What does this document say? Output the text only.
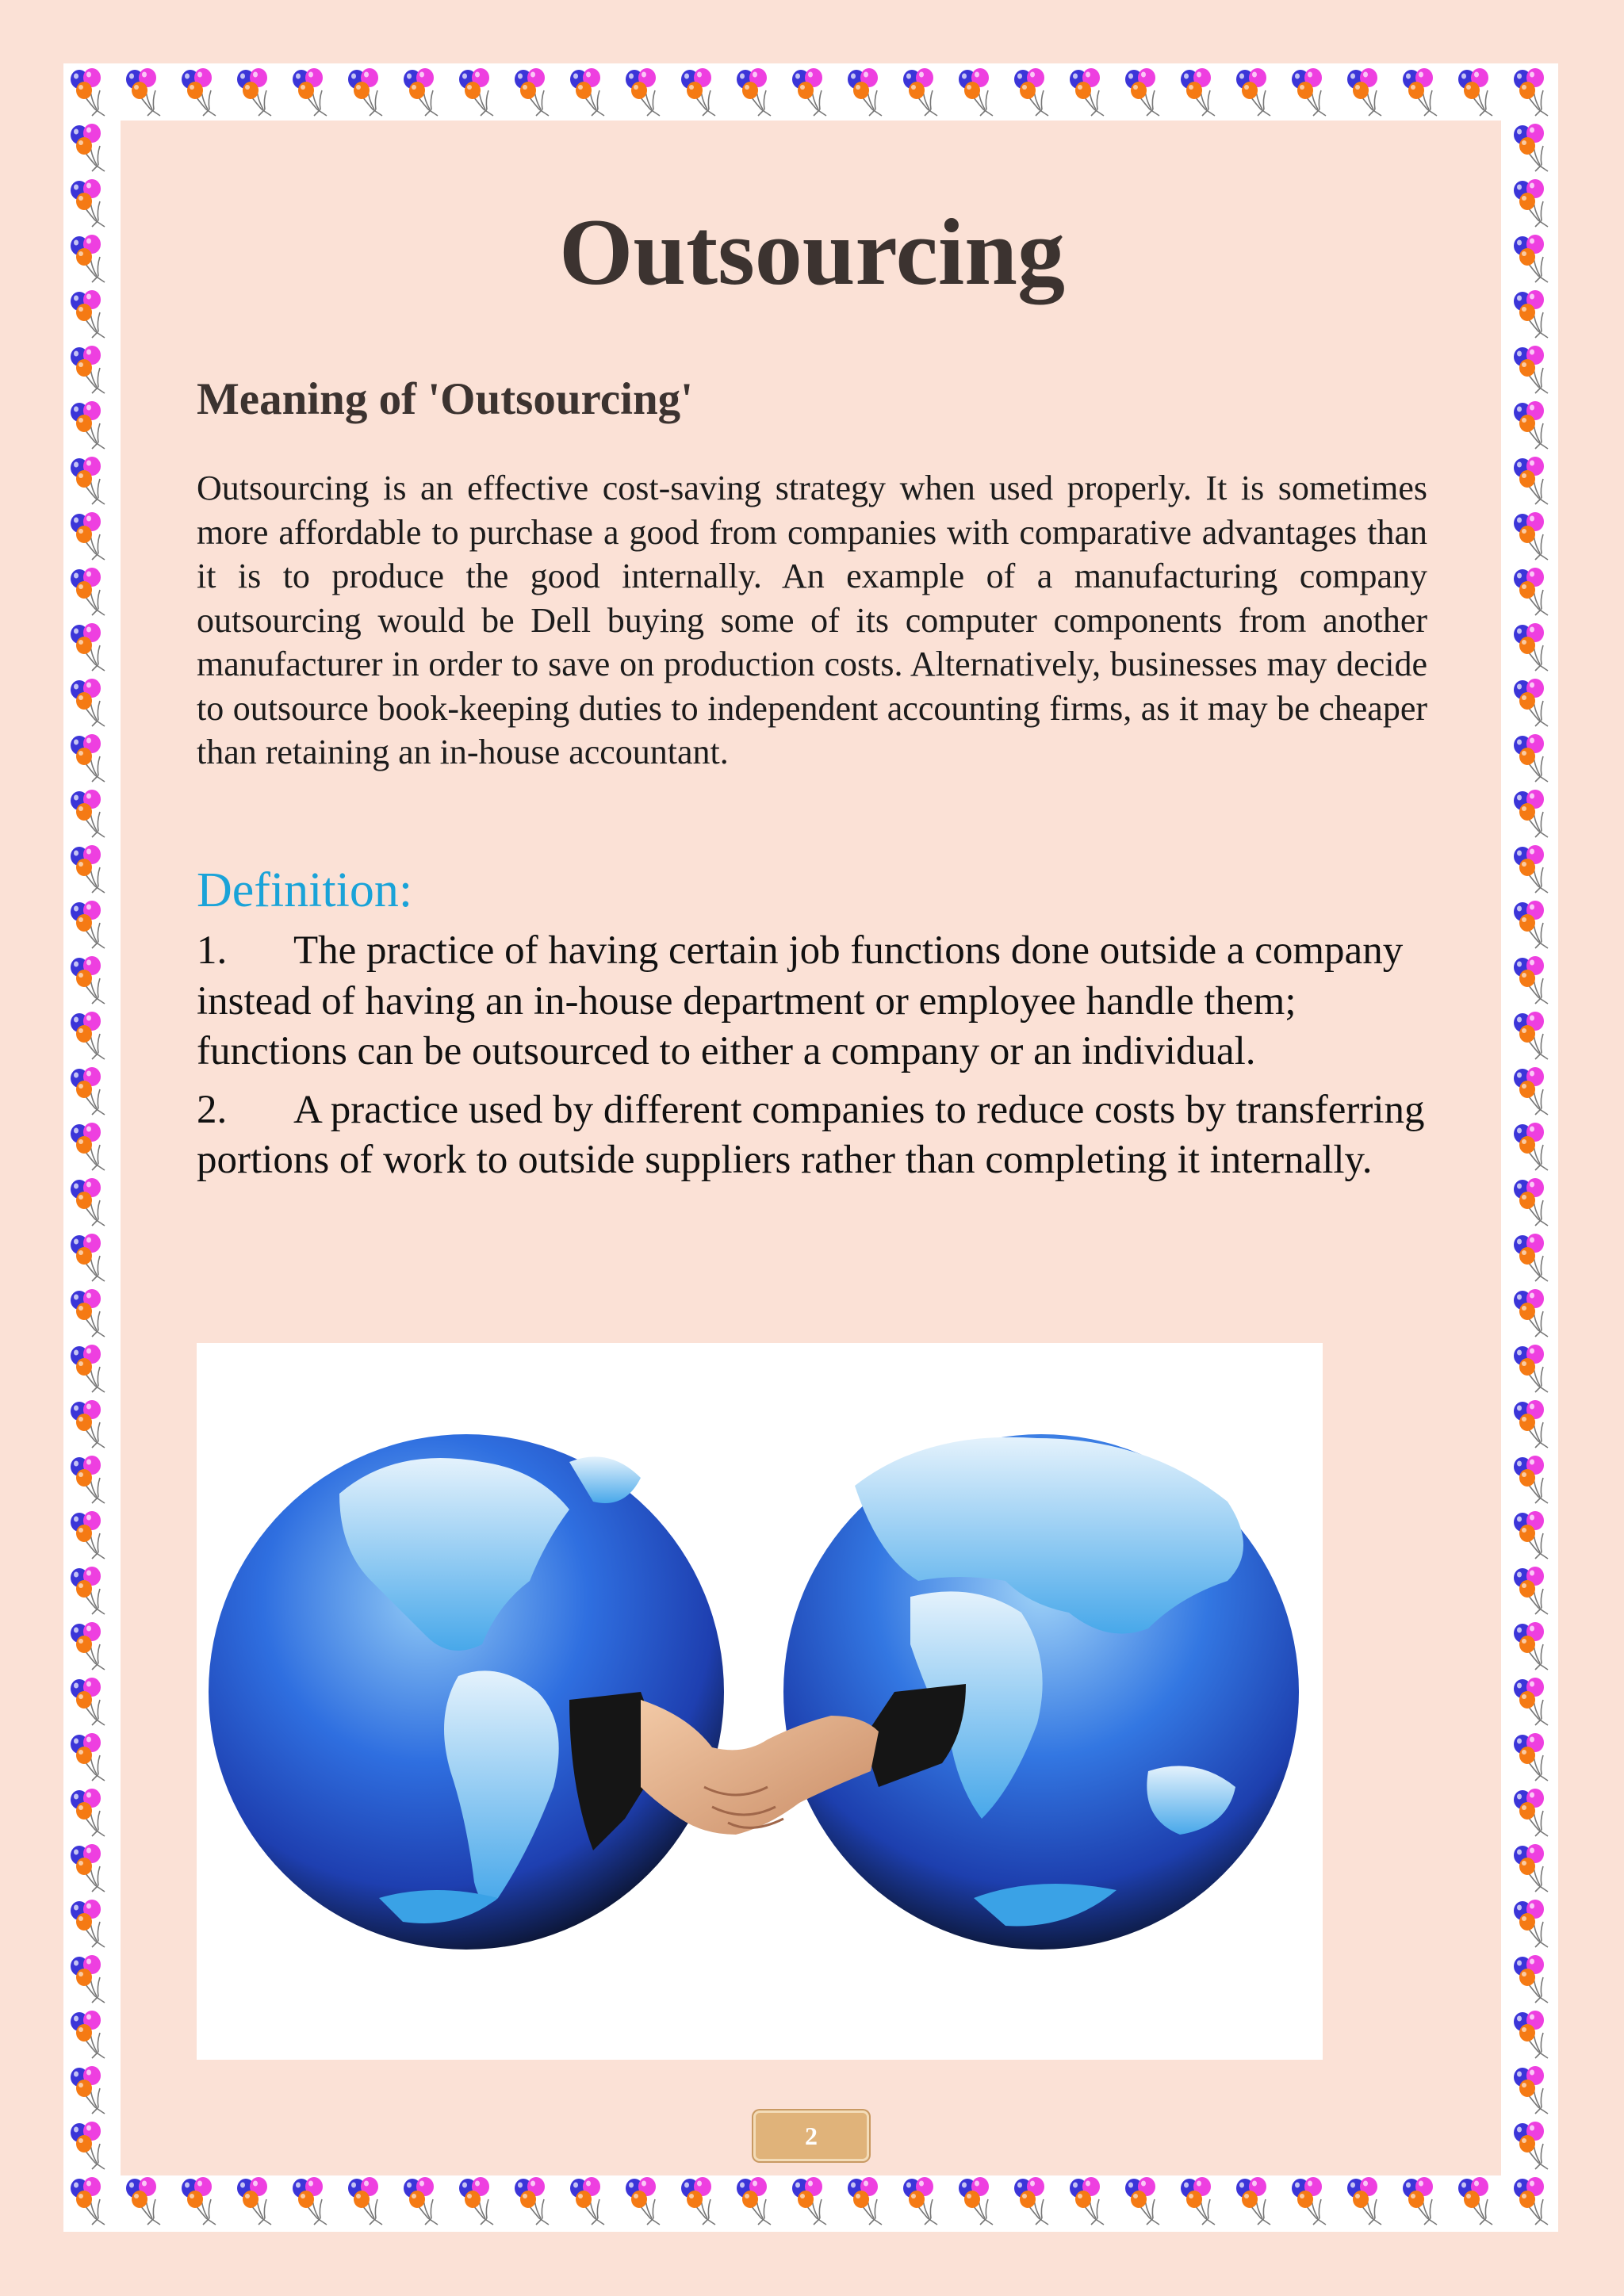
Outsourcing
Meaning of 'Outsourcing'

Outsourcing is an effective cost-saving strategy when used properly. It is sometimes more affordable to purchase a good from companies with comparative advantages than it is to produce the good internally. An example of a manufacturing company outsourcing would be Dell buying some of its computer components from another manufacturer in order to save on production costs. Alternatively, businesses may decide to outsource book-keeping duties to independent accounting firms, as it may be cheaper than retaining an in-house accountant.

Definition:
1. The practice of having certain job functions done outside a company instead of having an in-house department or employee handle them; functions can be outsourced to either a company or an individual.
2. A practice used by different companies to reduce costs by transferring portions of work to outside suppliers rather than completing it internally.
2
